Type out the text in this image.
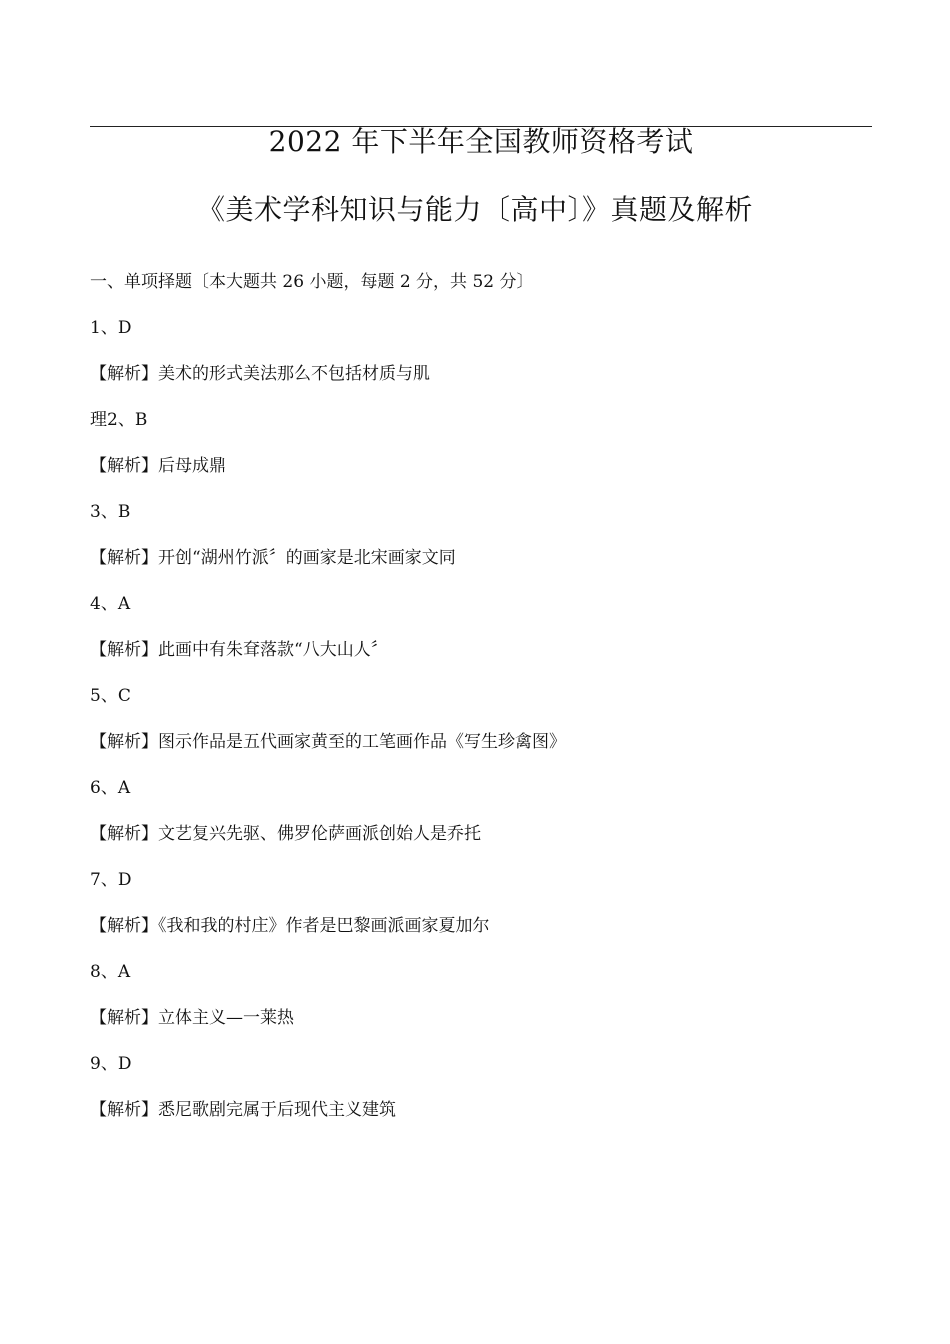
2022 年下半年全国教师资格考试
《美术学科知识与能力〔高中〕》真题及解析

一、单项择题〔本大题共 26 小题，每题 2 分，共 52 分〕

1、D

【解析】美术的形式美法那么不包括材质与肌

理2、B

【解析】后母成鼎

3、B

【解析】开创“湖州竹派〞的画家是北宋画家文同

4、A

【解析】此画中有朱耷落款“八大山人〞

5、C

【解析】图示作品是五代画家黄至的工笔画作品《写生珍禽图》

6、A

【解析】文艺复兴先驱、佛罗伦萨画派创始人是乔托

7、D

【解析】《我和我的村庄》作者是巴黎画派画家夏加尔

8、A

【解析】立体主义—一莱热

9、D

【解析】悉尼歌剧完属于后现代主义建筑
